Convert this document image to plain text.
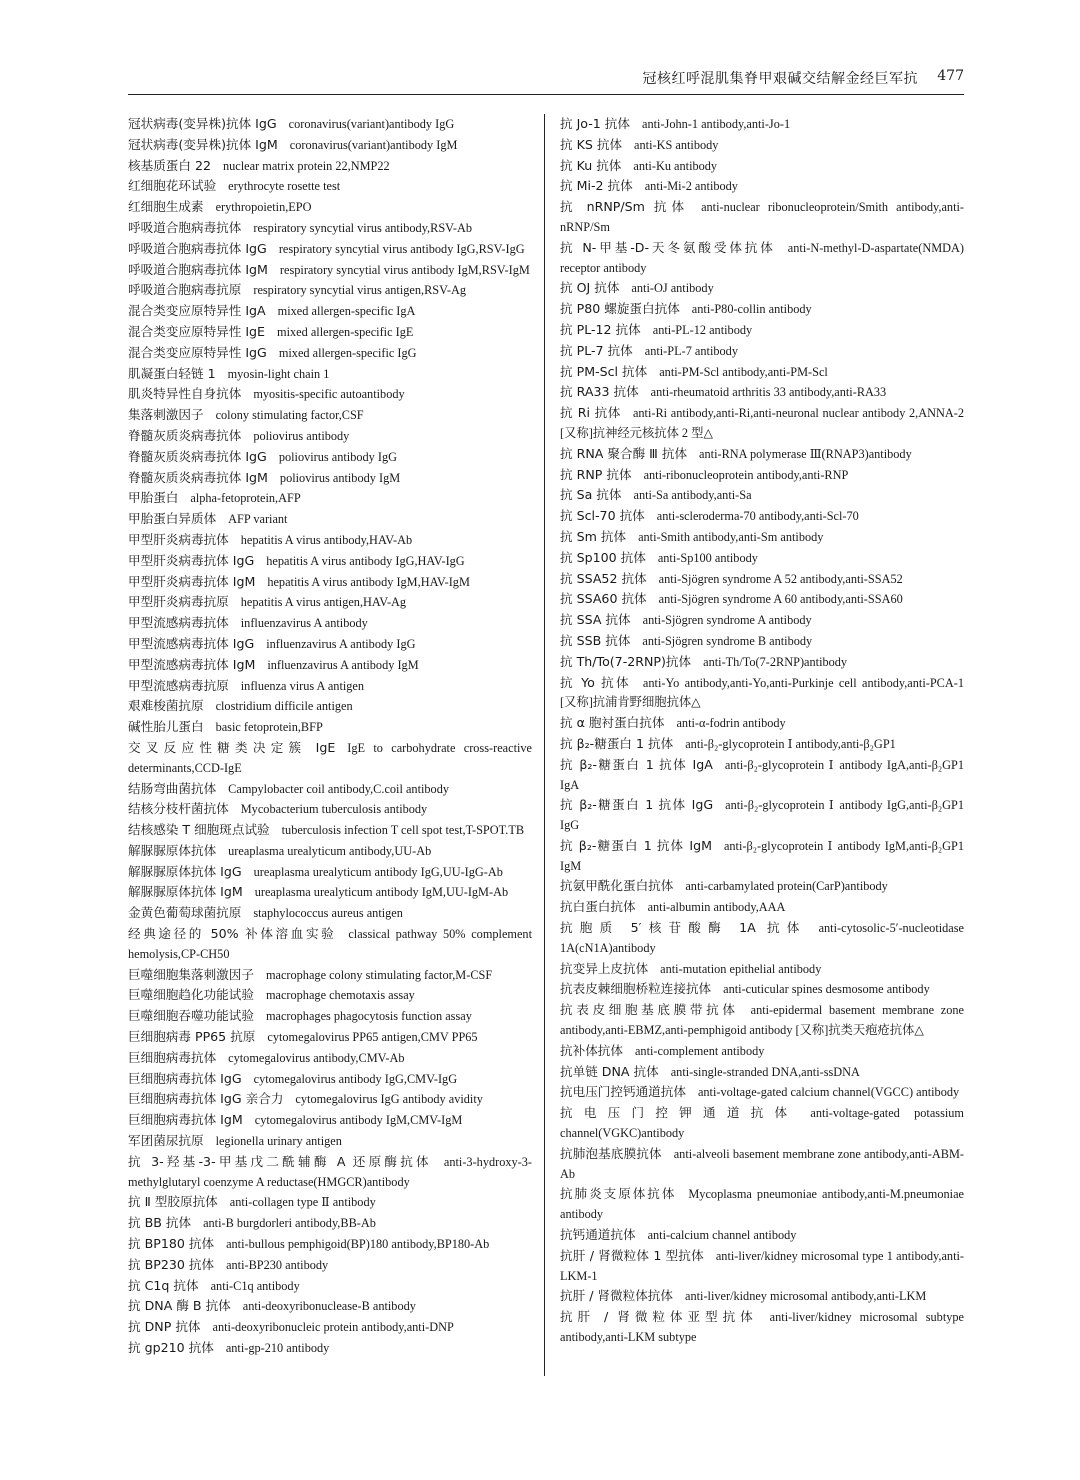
冠核红呼混肌集脊甲艰碱交结解金经巨军抗 477
冠状病毒(变异株)抗体 IgG coronavirus(variant)antibody IgG
冠状病毒(变异株)抗体 IgM coronavirus(variant)antibody IgM
核基质蛋白 22 nuclear matrix protein 22,NMP22
红细胞花环试验 erythrocyte rosette test
红细胞生成素 erythropoietin,EPO
呼吸道合胞病毒抗体 respiratory syncytial virus antibody,RSV-Ab
呼吸道合胞病毒抗体 IgG respiratory syncytial virus antibody IgG,RSV-IgG
呼吸道合胞病毒抗体 IgM respiratory syncytial virus antibody IgM,RSV-IgM
呼吸道合胞病毒抗原 respiratory syncytial virus antigen,RSV-Ag
混合类变应原特异性 IgA mixed allergen-specific IgA
混合类变应原特异性 IgE mixed allergen-specific IgE
混合类变应原特异性 IgG mixed allergen-specific IgG
肌凝蛋白轻链 1 myosin-light chain 1
肌炎特异性自身抗体 myositis-specific autoantibody
集落刺激因子 colony stimulating factor,CSF
脊髓灰质炎病毒抗体 poliovirus antibody
脊髓灰质炎病毒抗体 IgG poliovirus antibody IgG
脊髓灰质炎病毒抗体 IgM poliovirus antibody IgM
甲胎蛋白 alpha-fetoprotein,AFP
甲胎蛋白异质体 AFP variant
甲型肝炎病毒抗体 hepatitis A virus antibody,HAV-Ab
甲型肝炎病毒抗体 IgG hepatitis A virus antibody IgG,HAV-IgG
甲型肝炎病毒抗体 IgM hepatitis A virus antibody IgM,HAV-IgM
甲型肝炎病毒抗原 hepatitis A virus antigen,HAV-Ag
甲型流感病毒抗体 influenzavirus A antibody
甲型流感病毒抗体 IgG influenzavirus A antibody IgG
甲型流感病毒抗体 IgM influenzavirus A antibody IgM
甲型流感病毒抗原 influenza virus A antigen
艰难梭菌抗原 clostridium difficile antigen
碱性胎儿蛋白 basic fetoprotein,BFP
交叉反应性糖类决定簇 IgE IgE to carbohydrate cross-reactive determinants,CCD-IgE
结肠弯曲菌抗体 Campylobacter coil antibody,C.coil antibody
结核分枝杆菌抗体 Mycobacterium tuberculosis antibody
结核感染 T 细胞斑点试验 tuberculosis infection T cell spot test,T-SPOT.TB
解脲脲原体抗体 ureaplasma urealyticum antibody,UU-Ab
解脲脲原体抗体 IgG ureaplasma urealyticum antibody IgG,UU-IgG-Ab
解脲脲原体抗体 IgM ureaplasma urealyticum antibody IgM,UU-IgM-Ab
金黄色葡萄球菌抗原 staphylococcus aureus antigen
经典途径的 50% 补体溶血实验 classical pathway 50% complement hemolysis,CP-CH50
巨噬细胞集落刺激因子 macrophage colony stimulating factor,M-CSF
巨噬细胞趋化功能试验 macrophage chemotaxis assay
巨噬细胞吞噬功能试验 macrophages phagocytosis function assay
巨细胞病毒 PP65 抗原 cytomegalovirus PP65 antigen,CMV PP65
巨细胞病毒抗体 cytomegalovirus antibody,CMV-Ab
巨细胞病毒抗体 IgG cytomegalovirus antibody IgG,CMV-IgG
巨细胞病毒抗体 IgG 亲合力 cytomegalovirus IgG antibody avidity
巨细胞病毒抗体 IgM cytomegalovirus antibody IgM,CMV-IgM
军团菌尿抗原 legionella urinary antigen
抗 3-羟基-3-甲基戊二酰辅酶 A 还原酶抗体 anti-3-hydroxy-3-methylglutaryl coenzyme A reductase(HMGCR)antibody
抗 Ⅱ 型胶原抗体 anti-collagen type Ⅱ antibody
抗 BB 抗体 anti-B burgdorleri antibody,BB-Ab
抗 BP180 抗体 anti-bullous pemphigoid(BP)180 antibody,BP180-Ab
抗 BP230 抗体 anti-BP230 antibody
抗 C1q 抗体 anti-C1q antibody
抗 DNA 酶 B 抗体 anti-deoxyribonuclease-B antibody
抗 DNP 抗体 anti-deoxyribonucleic protein antibody,anti-DNP
抗 gp210 抗体 anti-gp-210 antibody
抗 Jo-1 抗体 anti-John-1 antibody,anti-Jo-1
抗 KS 抗体 anti-KS antibody
抗 Ku 抗体 anti-Ku antibody
抗 Mi-2 抗体 anti-Mi-2 antibody
抗 nRNP/Sm 抗体 anti-nuclear ribonucleoprotein/Smith antibody,anti-nRNP/Sm
抗 N-甲基-D-天冬氨酸受体抗体 anti-N-methyl-D-aspartate(NMDA) receptor antibody
抗 OJ 抗体 anti-OJ antibody
抗 P80 螺旋蛋白抗体 anti-P80-collin antibody
抗 PL-12 抗体 anti-PL-12 antibody
抗 PL-7 抗体 anti-PL-7 antibody
抗 PM-Scl 抗体 anti-PM-Scl antibody,anti-PM-Scl
抗 RA33 抗体 anti-rheumatoid arthritis 33 antibody,anti-RA33
抗 Ri 抗体 anti-Ri antibody,anti-Ri,anti-neuronal nuclear antibody 2,ANNA-2 [又称]抗神经元核抗体 2 型△
抗 RNA 聚合酶 Ⅲ 抗体 anti-RNA polymerase Ⅲ(RNAP3)antibody
抗 RNP 抗体 anti-ribonucleoprotein antibody,anti-RNP
抗 Sa 抗体 anti-Sa antibody,anti-Sa
抗 Scl-70 抗体 anti-scleroderma-70 antibody,anti-Scl-70
抗 Sm 抗体 anti-Smith antibody,anti-Sm antibody
抗 Sp100 抗体 anti-Sp100 antibody
抗 SSA52 抗体 anti-Sjögren syndrome A 52 antibody,anti-SSA52
抗 SSA60 抗体 anti-Sjögren syndrome A 60 antibody,anti-SSA60
抗 SSA 抗体 anti-Sjögren syndrome A antibody
抗 SSB 抗体 anti-Sjögren syndrome B antibody
抗 Th/To(7-2RNP)抗体 anti-Th/To(7-2RNP)antibody
抗 Yo 抗体 anti-Yo antibody,anti-Yo,anti-Purkinje cell antibody,anti-PCA-1 [又称]抗浦肯野细胞抗体△
抗 α 胞衬蛋白抗体 anti-α-fodrin antibody
抗 β₂-糖蛋白 1 抗体 anti-β₂-glycoprotein Ⅰ antibody,anti-β₂GP1
抗 β₂-糖蛋白 1 抗体 IgA anti-β₂-glycoprotein Ⅰ antibody IgA,anti-β₂GP1 IgA
抗 β₂-糖蛋白 1 抗体 IgG anti-β₂-glycoprotein Ⅰ antibody IgG,anti-β₂GP1 IgG
抗 β₂-糖蛋白 1 抗体 IgM anti-β₂-glycoprotein Ⅰ antibody IgM,anti-β₂GP1 IgM
抗氨甲酰化蛋白抗体 anti-carbamylated protein(CarP)antibody
抗白蛋白抗体 anti-albumin antibody,AAA
抗胞质 5′核苷酸酶 1A 抗体 anti-cytosolic-5′-nucleotidase 1A(cN1A)antibody
抗变异上皮抗体 anti-mutation epithelial antibody
抗表皮棘细胞桥粒连接抗体 anti-cuticular spines desmosome antibody
抗表皮细胞基底膜带抗体 anti-epidermal basement membrane zone antibody,anti-EBMZ,anti-pemphigoid antibody [又称]抗类天疱疮抗体△
抗补体抗体 anti-complement antibody
抗单链 DNA 抗体 anti-single-stranded DNA,anti-ssDNA
抗电压门控钙通道抗体 anti-voltage-gated calcium channel(VGCC) antibody
抗电压门控钾通道抗体 anti-voltage-gated potassium channel(VGKC)antibody
抗肺泡基底膜抗体 anti-alveoli basement membrane zone antibody,anti-ABM-Ab
抗肺炎支原体抗体 Mycoplasma pneumoniae antibody,anti-M.pneumoniae antibody
抗钙通道抗体 anti-calcium channel antibody
抗肝 / 肾微粒体 1 型抗体 anti-liver/kidney microsomal type 1 antibody,anti-LKM-1
抗肝 / 肾微粒体抗体 anti-liver/kidney microsomal antibody,anti-LKM
抗肝 / 肾微粒体亚型抗体 anti-liver/kidney microsomal subtype antibody,anti-LKM subtype
